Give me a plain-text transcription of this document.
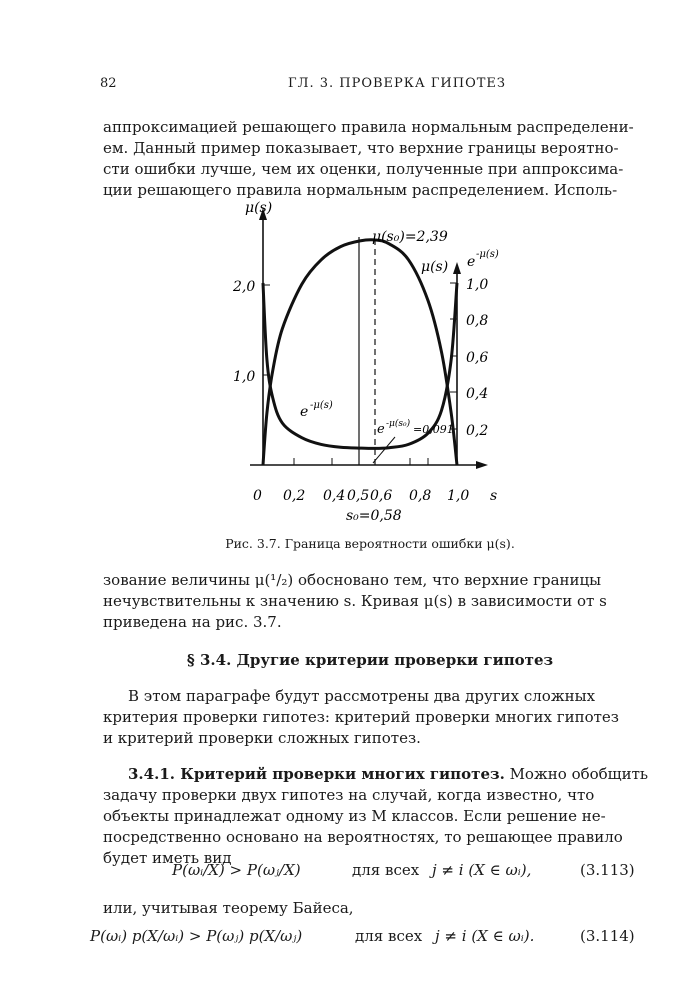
82	ГЛ. 3. ПРОВЕРКА ГИПОТЕЗ
аппроксимацией решающего правила нормальным распределени-
ем. Данный пример показывает, что верхние границы вероятно-
сти ошибки лучше, чем их оценки, полученные при аппроксима-
ции решающего правила нормальным распределением. Исполь-
μ(s)
e -μ(s)
s
2,0
1,0
1,0
0,8
0,6
0,4
0,2
0 0,2 0,4 0,5 0,6 0,8 1,0
s₀=0,58
μ(s₀)=2,39
μ(s)
e -μ(s)
e -μ(s₀) =0,091
Рис. 3.7. Граница вероятности ошибки μ(s).
зование величины μ(¹/₂) обосновано тем, что верхние границы
нечувствительны к значению s. Кривая μ(s) в зависимости от s
приведена на рис. 3.7.
§ 3.4. Другие критерии проверки гипотез
В этом параграфе будут рассмотрены два других сложных
критерия проверки гипотез: критерий проверки многих гипотез
и критерий проверки сложных гипотез.
3.4.1. Критерий проверки многих гипотез. Можно обобщить
задачу проверки двух гипотез на случай, когда известно, что
объекты принадлежат одному из M классов. Если решение не-
посредственно основано на вероятностях, то решающее правило
будет иметь вид
P(ωᵢ/X) > P(ωⱼ/X)	для всех j ≠ i (X ∈ ωᵢ),	(3.113)
или, учитывая теорему Байеса,
P(ωᵢ) p(X/ωᵢ) > P(ωⱼ) p(X/ωⱼ)	для всех j ≠ i (X ∈ ωᵢ).	(3.114)
